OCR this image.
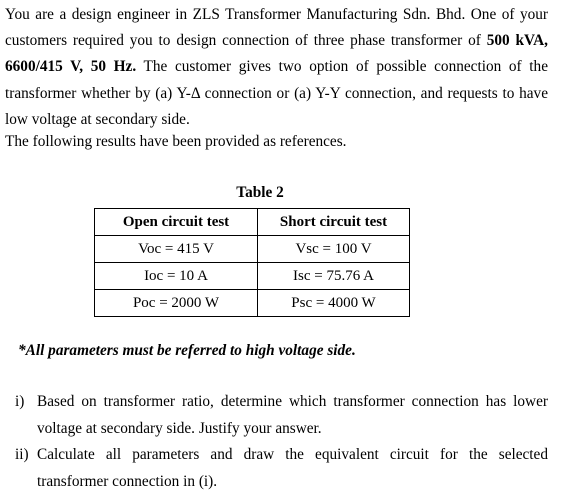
You are a design engineer in ZLS Transformer Manufacturing Sdn. Bhd. One of your customers required you to design connection of three phase transformer of 500 kVA, 6600/415 V, 50 Hz. The customer gives two option of possible connection of the transformer whether by (a) Y-Δ connection or (a) Y-Y connection, and requests to have low voltage at secondary side.
The following results have been provided as references.
Table 2
Open circuit test	Short circuit test
Voc = 415 V	Vsc = 100 V
Ioc = 10 A	Isc = 75.76 A
Poc = 2000 W	Psc = 4000 W
*All parameters must be referred to high voltage side.
i) Based on transformer ratio, determine which transformer connection has lower voltage at secondary side. Justify your answer.
ii) Calculate all parameters and draw the equivalent circuit for the selected transformer connection in (i).
